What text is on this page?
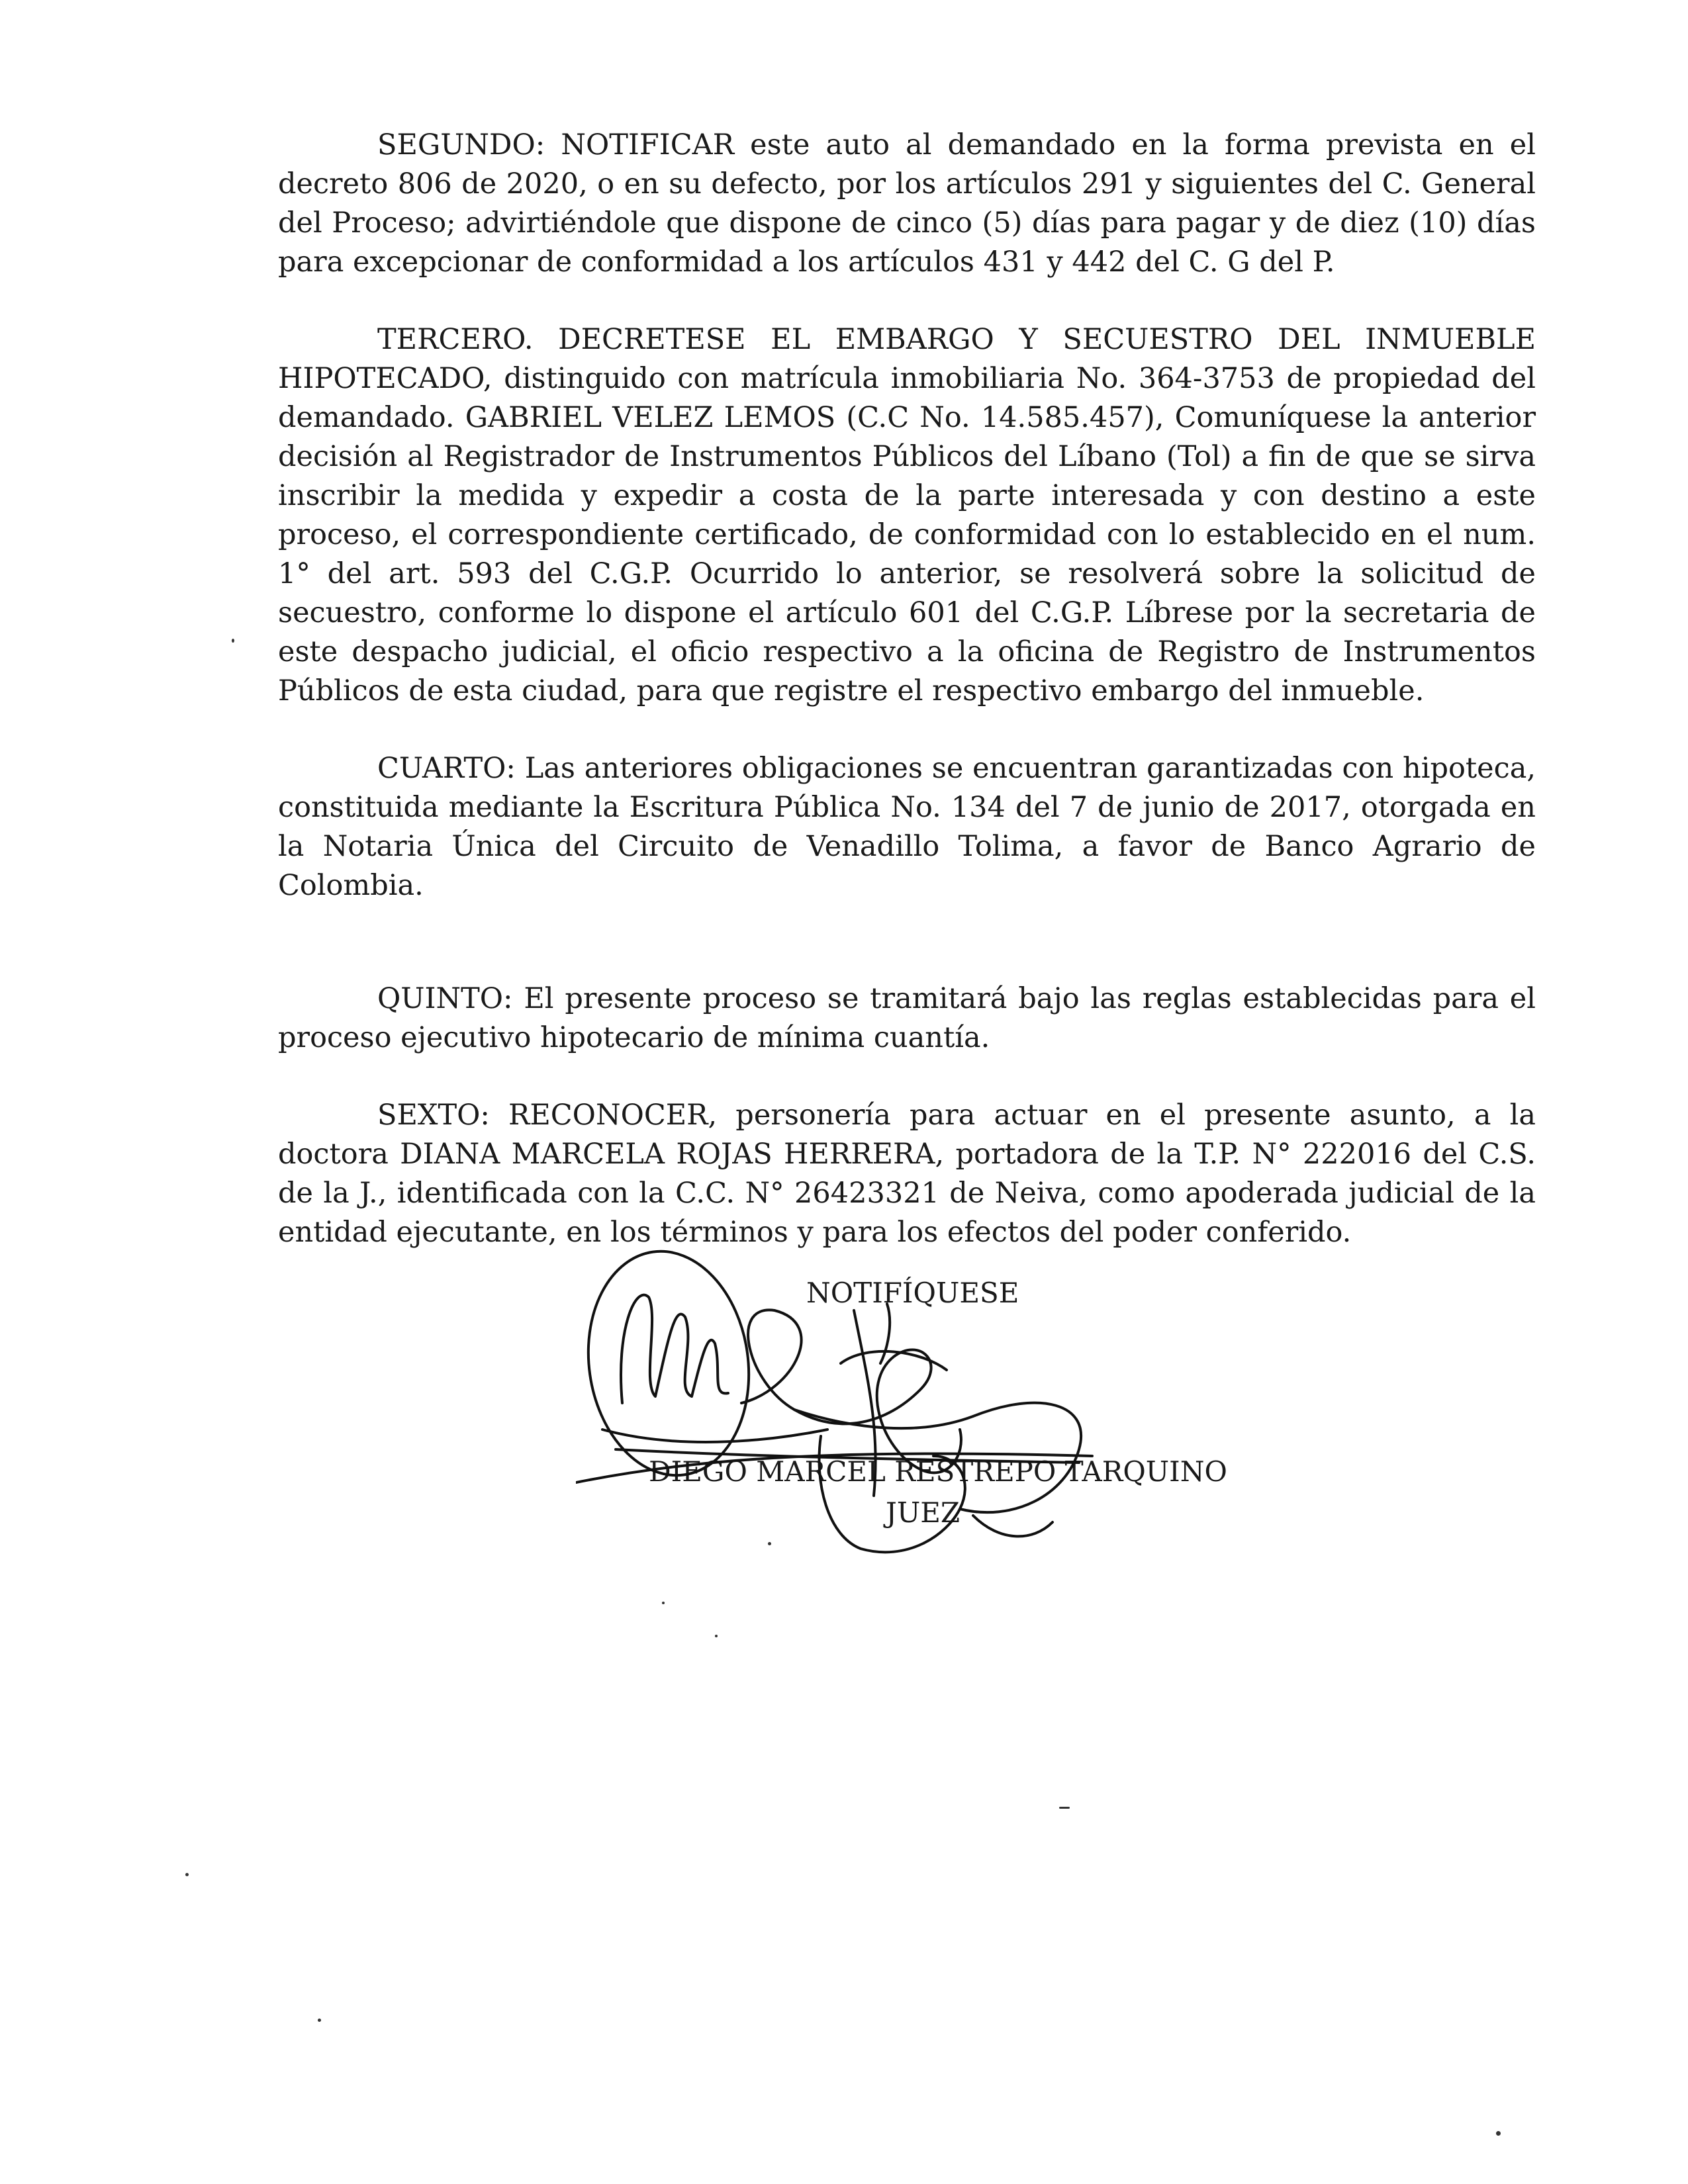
SEGUNDO: NOTIFICAR este auto al demandado en la forma prevista en el decreto 806 de 2020, o en su defecto, por los artículos 291 y siguientes del C. General del Proceso; advirtiéndole que dispone de cinco (5) días para pagar y de diez (10) días para excepcionar de conformidad a los artículos 431 y 442 del C. G del P.

TERCERO. DECRETESE EL EMBARGO Y SECUESTRO DEL INMUEBLE HIPOTECADO, distinguido con matrícula inmobiliaria No. 364-3753 de propiedad del demandado. GABRIEL VELEZ LEMOS (C.C No. 14.585.457), Comuníquese la anterior decisión al Registrador de Instrumentos Públicos del Líbano (Tol) a fin de que se sirva inscribir la medida y expedir a costa de la parte interesada y con destino a este proceso, el correspondiente certificado, de conformidad con lo establecido en el num. 1° del art. 593 del C.G.P. Ocurrido lo anterior, se resolverá sobre la solicitud de secuestro, conforme lo dispone el artículo 601 del C.G.P. Líbrese por la secretaria de este despacho judicial, el oficio respectivo a la oficina de Registro de Instrumentos Públicos de esta ciudad, para que registre el respectivo embargo del inmueble.

CUARTO: Las anteriores obligaciones se encuentran garantizadas con hipoteca, constituida mediante la Escritura Pública No. 134 del 7 de junio de 2017, otorgada en la Notaria Única del Circuito de Venadillo Tolima, a favor de Banco Agrario de Colombia.

QUINTO: El presente proceso se tramitará bajo las reglas establecidas para el proceso ejecutivo hipotecario de mínima cuantía.

SEXTO: RECONOCER, personería para actuar en el presente asunto, a la doctora DIANA MARCELA ROJAS HERRERA, portadora de la T.P. N° 222016 del C.S. de la J., identificada con la C.C. N° 26423321 de Neiva, como apoderada judicial de la entidad ejecutante, en los términos y para los efectos del poder conferido.

NOTIFÍQUESE
DIEGO MARCEL RESTREPO TARQUINO
JUEZ
